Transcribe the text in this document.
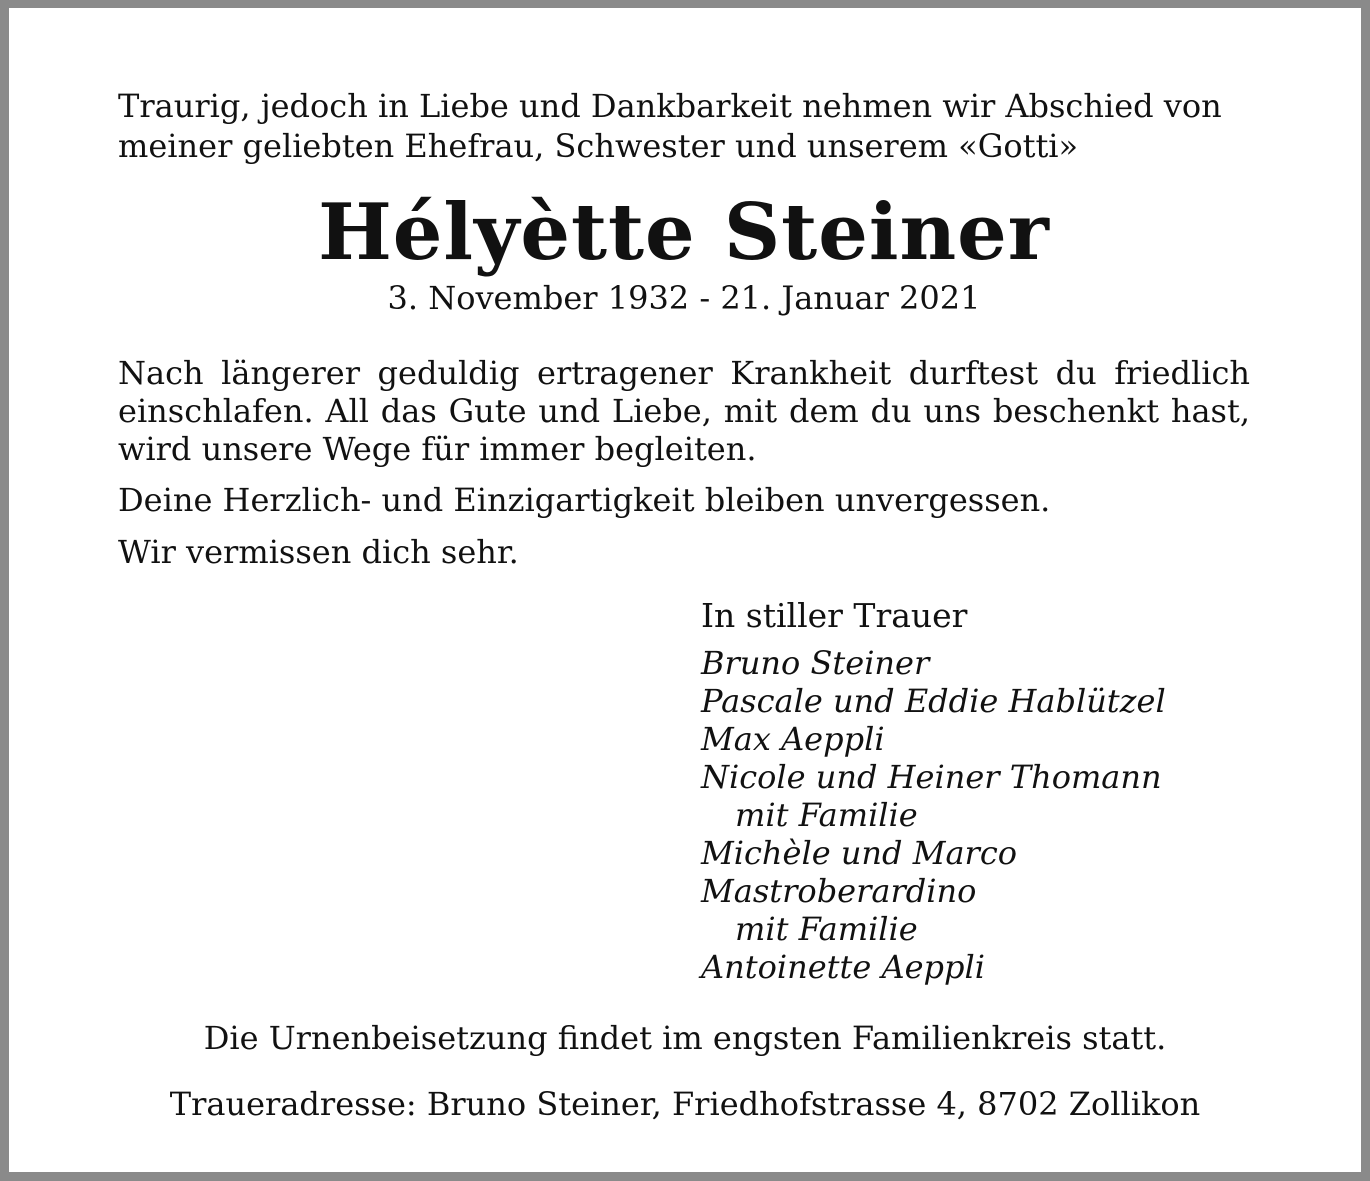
Traurig, jedoch in Liebe und Dankbarkeit nehmen wir Abschied von meiner geliebten Ehefrau, Schwester und unserem «Gotti»

Hélyètte Steiner

3. November 1932 - 21. Januar 2021

Nach längerer geduldig ertragener Krankheit durftest du friedlich einschlafen. All das Gute und Liebe, mit dem du uns beschenkt hast, wird unsere Wege für immer begleiten.

Deine Herzlich- und Einzigartigkeit bleiben unvergessen.

Wir vermissen dich sehr.

In stiller Trauer

Bruno Steiner
Pascale und Eddie Hablützel
Max Aeppli
Nicole und Heiner Thomann
mit Familie
Michèle und Marco Mastroberardino
mit Familie
Antoinette Aeppli

Die Urnenbeisetzung findet im engsten Familienkreis statt.

Traueradresse: Bruno Steiner, Friedhofstrasse 4, 8702 Zollikon
